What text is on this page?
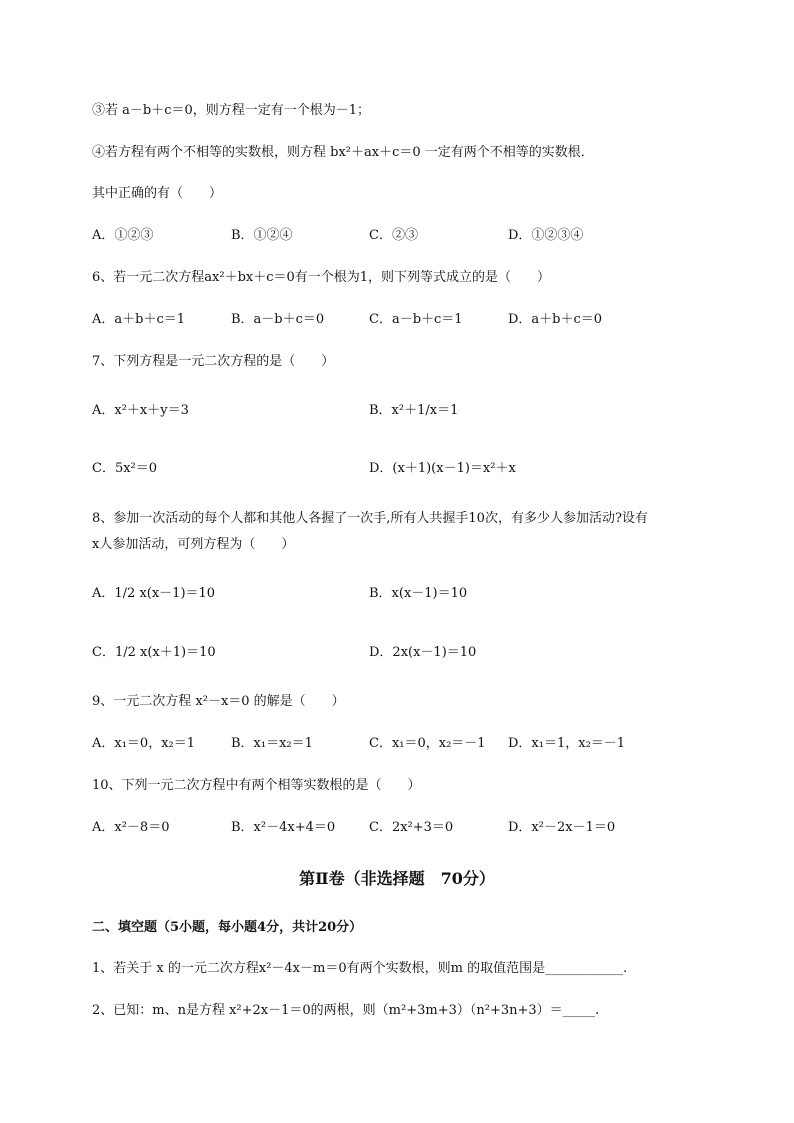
③若 a－b＋c＝0，则方程一定有一个根为－1；
④若方程有两个不相等的实数根，则方程 bx²＋ax＋c＝0 一定有两个不相等的实数根．
其中正确的有（　　）
A．①②③	B．①②④	C．②③	D．①②③④
6、若一元二次方程ax²＋bx＋c＝0有一个根为1，则下列等式成立的是（　　）
A．a＋b＋c＝1	B．a－b＋c＝0	C．a－b＋c＝1	D．a＋b＋c＝0
7、下列方程是一元二次方程的是（　　）
A．x²＋x＋y＝3	B．x²＋1/x＝1
C．5x²＝0	D．(x＋1)(x－1)＝x²＋x
8、参加一次活动的每个人都和其他人各握了一次手,所有人共握手10次，有多少人参加活动?设有
x人参加活动，可列方程为（　　）
A．1/2 x(x－1)＝10	B．x(x－1)＝10
C．1/2 x(x＋1)＝10	D．2x(x－1)＝10
9、一元二次方程 x²－x＝0 的解是（　　）
A．x₁＝0，x₂＝1	B．x₁＝x₂＝1	C．x₁＝0，x₂＝－1 D．x₁＝1，x₂＝－1
10、下列一元二次方程中有两个相等实数根的是（　　）
A．x²－8＝0	B．x²－4x+4＝0	C．2x²+3＝0	D．x²－2x－1＝0
第Ⅱ卷（非选择题　70分）
二、填空题（5小题，每小题4分，共计20分）
1、若关于 x 的一元二次方程x²－4x－m＝0有两个实数根，则m 的取值范围是____________.
2、已知：m、n是方程 x²+2x－1＝0的两根，则（m²+3m+3）（n²+3n+3）＝_____.
